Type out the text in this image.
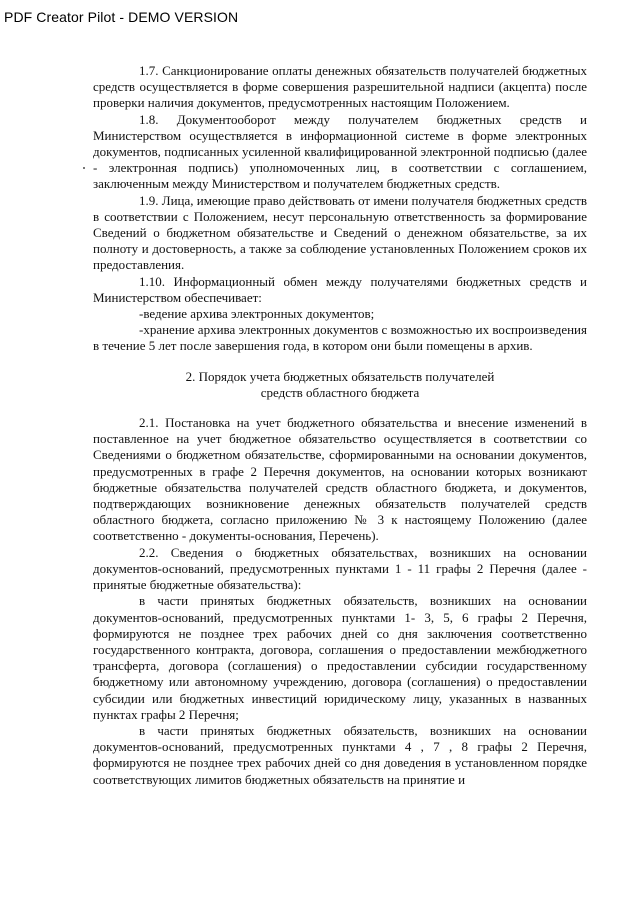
PDF Creator Pilot - DEMO VERSION

1.7. Санкционирование оплаты денежных обязательств получателей бюджетных средств осуществляется в форме совершения разрешительной надписи (акцепта) после проверки наличия документов, предусмотренных настоящим Положением.

1.8. Документооборот между получателем бюджетных средств и Министерством осуществляется в информационной системе в форме электронных документов, подписанных усиленной квалифицированной электронной подписью (далее - электронная подпись) уполномоченных лиц, в соответствии с соглашением, заключенным между Министерством и получателем бюджетных средств.

1.9. Лица, имеющие право действовать от имени получателя бюджетных средств в соответствии с Положением, несут персональную ответственность за формирование Сведений о бюджетном обязательстве и Сведений о денежном обязательстве, за их полноту и достоверность, а также за соблюдение установленных Положением сроков их предоставления.

1.10. Информационный обмен между получателями бюджетных средств и Министерством обеспечивает:

-ведение архива электронных документов;

-хранение архива электронных документов с возможностью их воспроизведения в течение 5 лет после завершения года, в котором они были помещены в архив.

2. Порядок учета бюджетных обязательств получателей
средств областного бюджета

2.1. Постановка на учет бюджетного обязательства и внесение изменений в поставленное на учет бюджетное обязательство осуществляется в соответствии со Сведениями о бюджетном обязательстве, сформированными на основании документов, предусмотренных в графе 2 Перечня документов, на основании которых возникают бюджетные обязательства получателей средств областного бюджета, и документов, подтверждающих возникновение денежных обязательств получателей средств областного бюджета, согласно приложению № 3 к настоящему Положению (далее соответственно - документы-основания, Перечень).

2.2. Сведения о бюджетных обязательствах, возникших на основании документов-оснований, предусмотренных пунктами 1 - 11 графы 2 Перечня (далее - принятые бюджетные обязательства):

в части принятых бюджетных обязательств, возникших на основании документов-оснований, предусмотренных пунктами 1- 3, 5, 6 графы 2 Перечня, формируются не позднее трех рабочих дней со дня заключения соответственно государственного контракта, договора, соглашения о предоставлении межбюджетного трансферта, договора (соглашения) о предоставлении субсидии государственному бюджетному или автономному учреждению, договора (соглашения) о предоставлении субсидии или бюджетных инвестиций юридическому лицу, указанных в названных пунктах графы 2 Перечня;

в части принятых бюджетных обязательств, возникших на основании документов-оснований, предусмотренных пунктами 4 , 7 , 8 графы 2 Перечня, формируются не позднее трех рабочих дней со дня доведения в установленном порядке соответствующих лимитов бюджетных обязательств на принятие и
